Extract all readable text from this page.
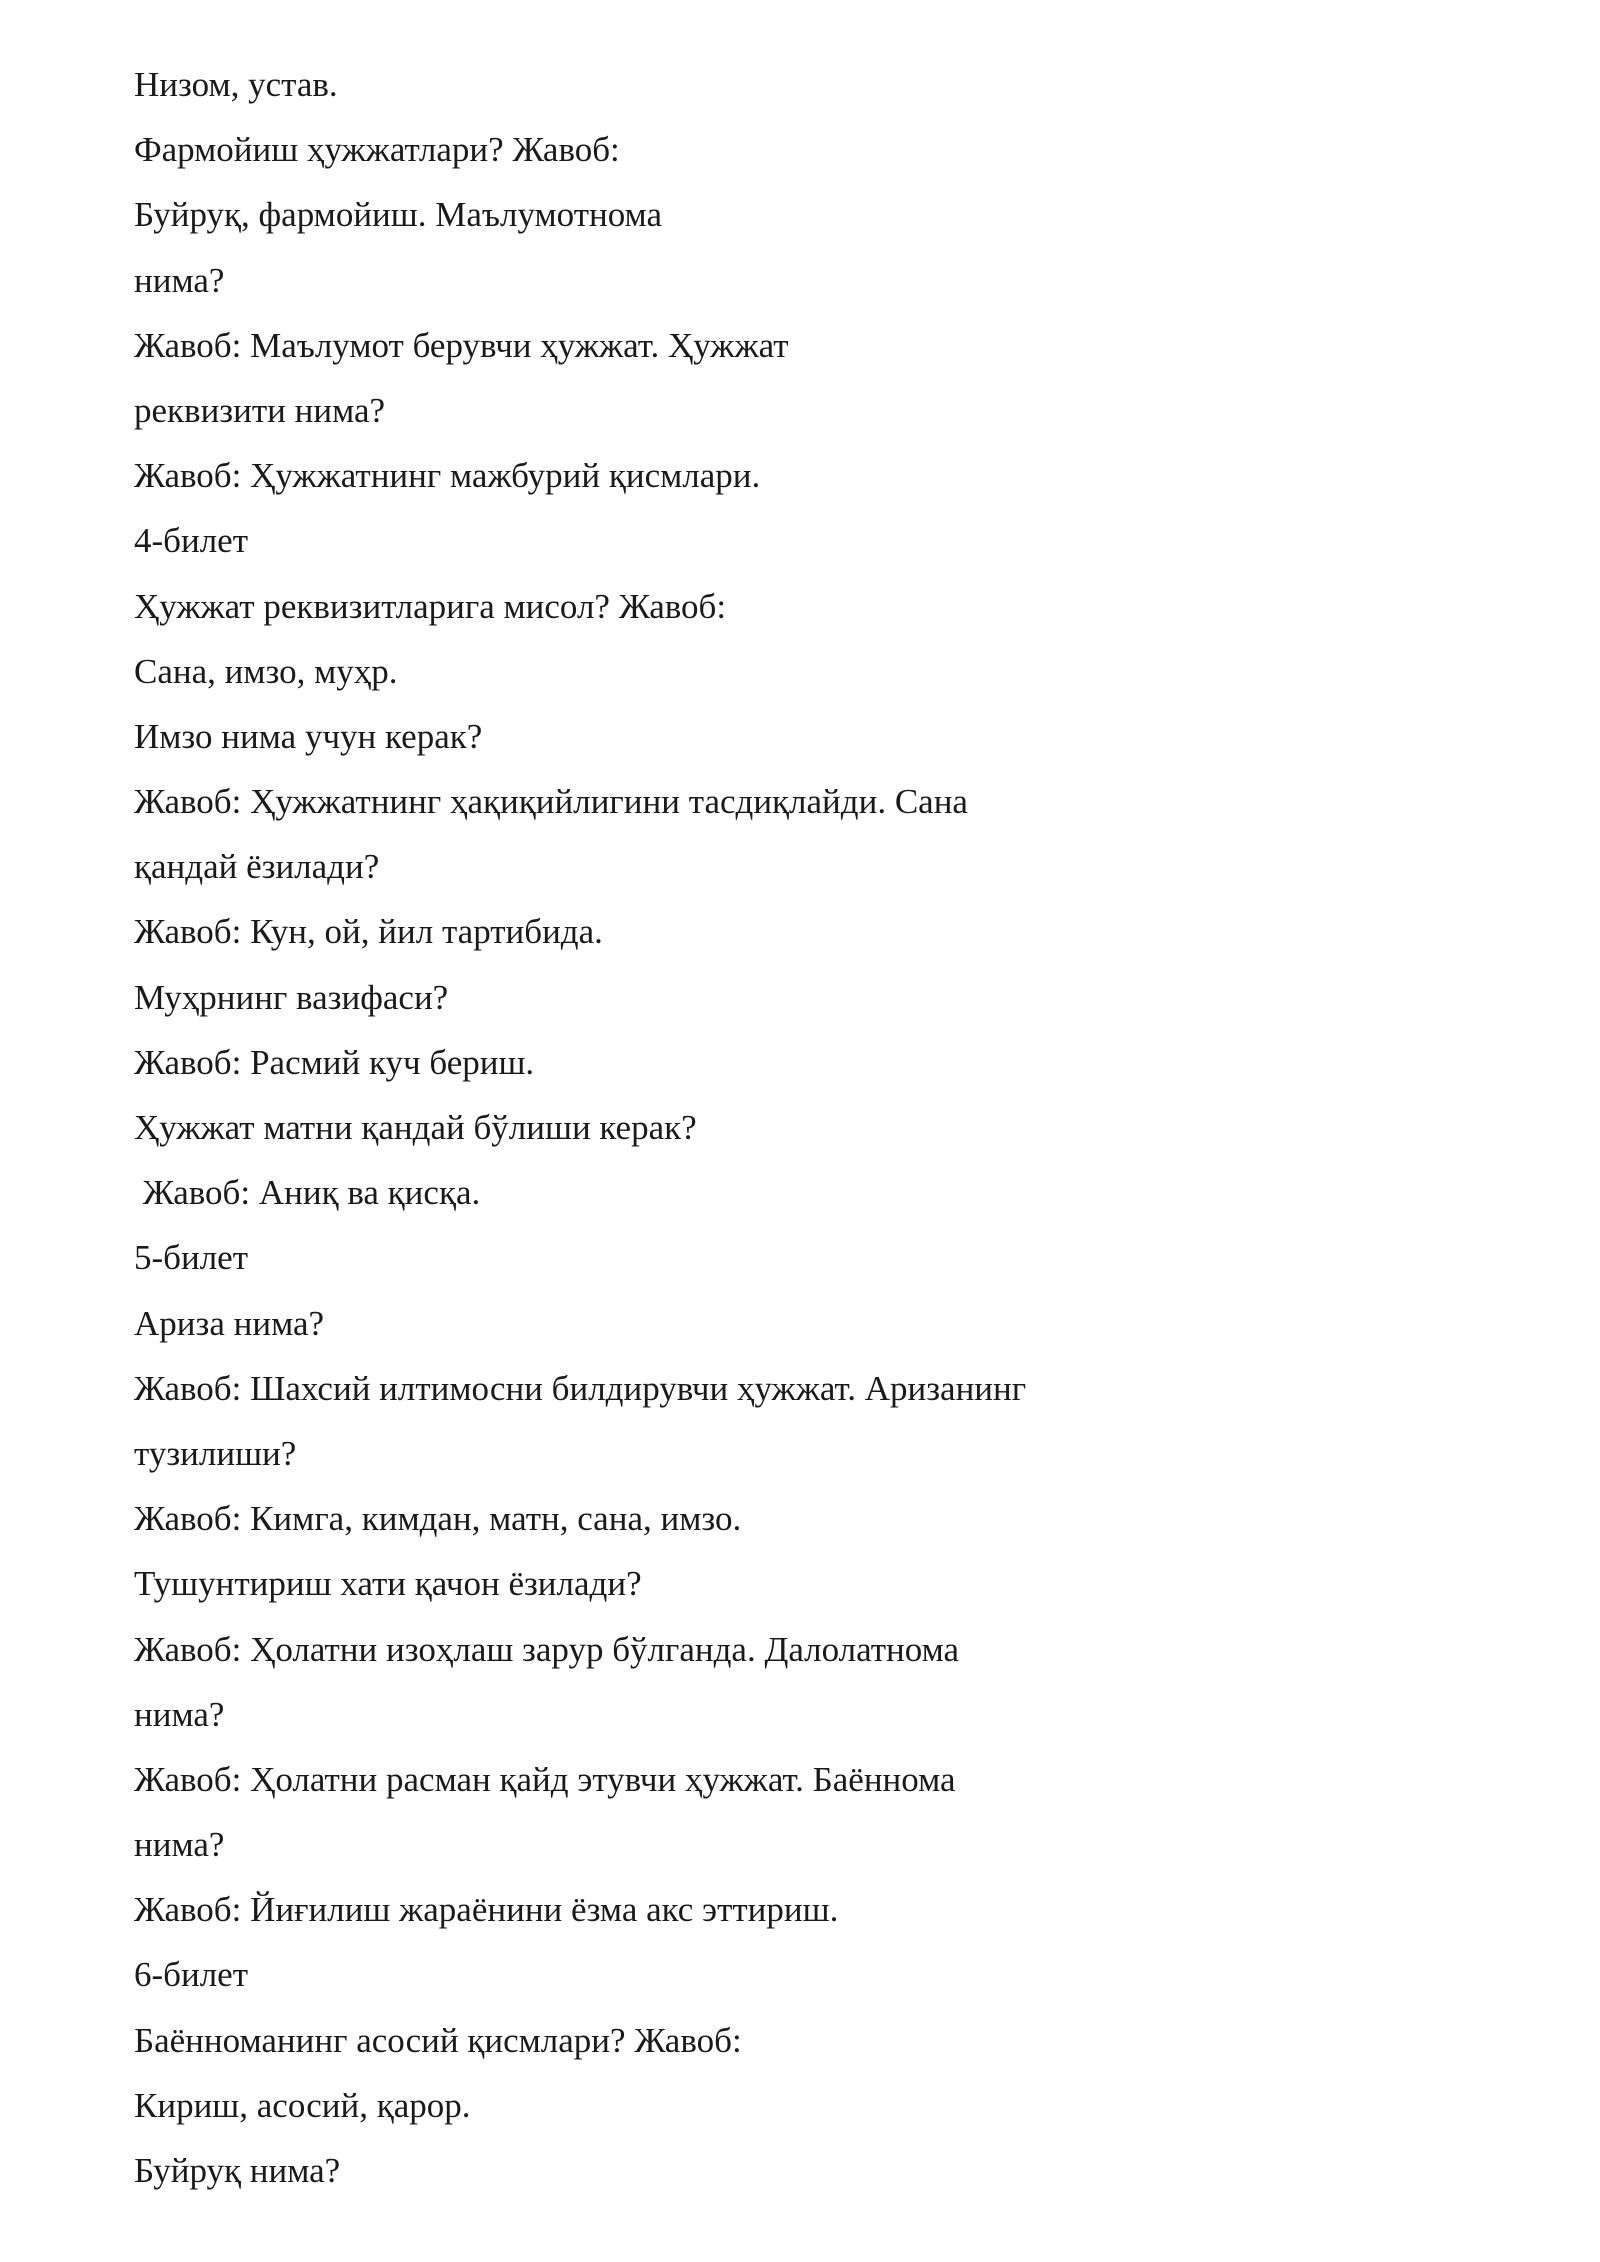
Низом, устав.

Фармойиш ҳужжатлари? Жавоб:

Буйруқ, фармойиш. Маълумотнома

нима?

Жавоб: Маълумот берувчи ҳужжат. Ҳужжат

реквизити нима?

Жавоб: Ҳужжатнинг мажбурий қисмлари.

4-билет

Ҳужжат реквизитларига мисол? Жавоб:

Сана, имзо, муҳр.

Имзо нима учун керак?

Жавоб: Ҳужжатнинг ҳақиқийлигини тасдиқлайди. Сана

қандай ёзилади?

Жавоб: Кун, ой, йил тартибида.

Муҳрнинг вазифаси?

Жавоб: Расмий куч бериш.

Ҳужжат матни қандай бўлиши керак?

Жавоб: Аниқ ва қисқа.

5-билет

Ариза нима?

Жавоб: Шахсий илтимосни билдирувчи ҳужжат. Аризанинг

тузилиши?

Жавоб: Кимга, кимдан, матн, сана, имзо.

Тушунтириш хати қачон ёзилади?

Жавоб: Ҳолатни изоҳлаш зарур бўлганда. Далолатнома

нима?

Жавоб: Ҳолатни расман қайд этувчи ҳужжат. Баённома

нима?

Жавоб: Йиғилиш жараёнини ёзма акс эттириш.

6-билет

Баённоманинг асосий қисмлари? Жавоб:

Кириш, асосий, қарор.

Буйруқ нима?
